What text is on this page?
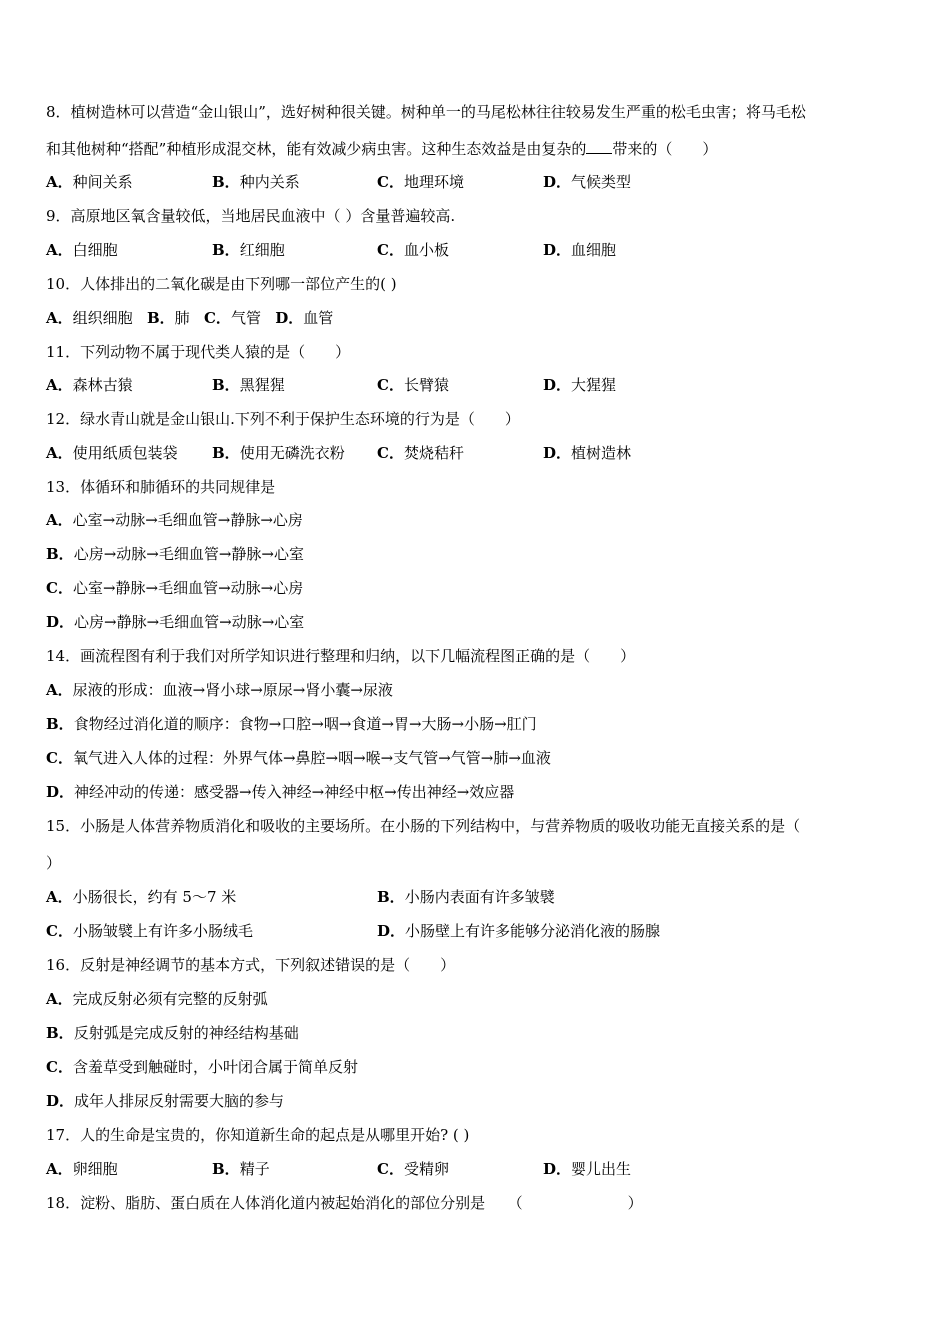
8．植树造林可以营造“金山银山”，选好树种很关键。树种单一的马尾松林往往较易发生严重的松毛虫害；将马毛松
和其他树种“搭配”种植形成混交林，能有效减少病虫害。这种生态效益是由复杂的 带来的（　　）
A．种间关系	B．种内关系	C．地理环境	D．气候类型
9．高原地区氧含量较低，当地居民血液中（ ）含量普遍较高.
A．白细胞	B．红细胞	C．血小板	D．血细胞
10．人体排出的二氧化碳是由下列哪一部位产生的( )
A．组织细胞 B．肺 C．气管 D．血管
11．下列动物不属于现代类人猿的是（　　）
A．森林古猿	B．黑猩猩	C．长臂猿	D．大猩猩
12．绿水青山就是金山银山.下列不利于保护生态环境的行为是（　　）
A．使用纸质包装袋 B．使用无磷洗衣粉 C．焚烧秸秆	D．植树造林
13．体循环和肺循环的共同规律是
A．心室→动脉→毛细血管→静脉→心房
B．心房→动脉→毛细血管→静脉→心室
C．心室→静脉→毛细血管→动脉→心房
D．心房→静脉→毛细血管→动脉→心室
14．画流程图有利于我们对所学知识进行整理和归纳，以下几幅流程图正确的是（　　）
A．尿液的形成：血液→肾小球→原尿→肾小囊→尿液
B．食物经过消化道的顺序：食物→口腔→咽→食道→胃→大肠→小肠→肛门
C．氧气进入人体的过程：外界气体→鼻腔→咽→喉→支气管→气管→肺→血液
D．神经冲动的传递：感受器→传入神经→神经中枢→传出神经→效应器
15．小肠是人体营养物质消化和吸收的主要场所。在小肠的下列结构中，与营养物质的吸收功能无直接关系的是（
）
A．小肠很长，约有 5～7 米	B．小肠内表面有许多皱襞
C．小肠皱襞上有许多小肠绒毛	D．小肠壁上有许多能够分泌消化液的肠腺
16．反射是神经调节的基本方式，下列叙述错误的是（　　）
A．完成反射必须有完整的反射弧
B．反射弧是完成反射的神经结构基础
C．含羞草受到触碰时，小叶闭合属于简单反射
D．成年人排尿反射需要大脑的参与
17．人的生命是宝贵的，你知道新生命的起点是从哪里开始? ( )
A．卵细胞	B．精子	C．受精卵	D．婴儿出生
18．淀粉、脂肪、蛋白质在人体消化道内被起始消化的部位分别是　　（　　　　　　　）
